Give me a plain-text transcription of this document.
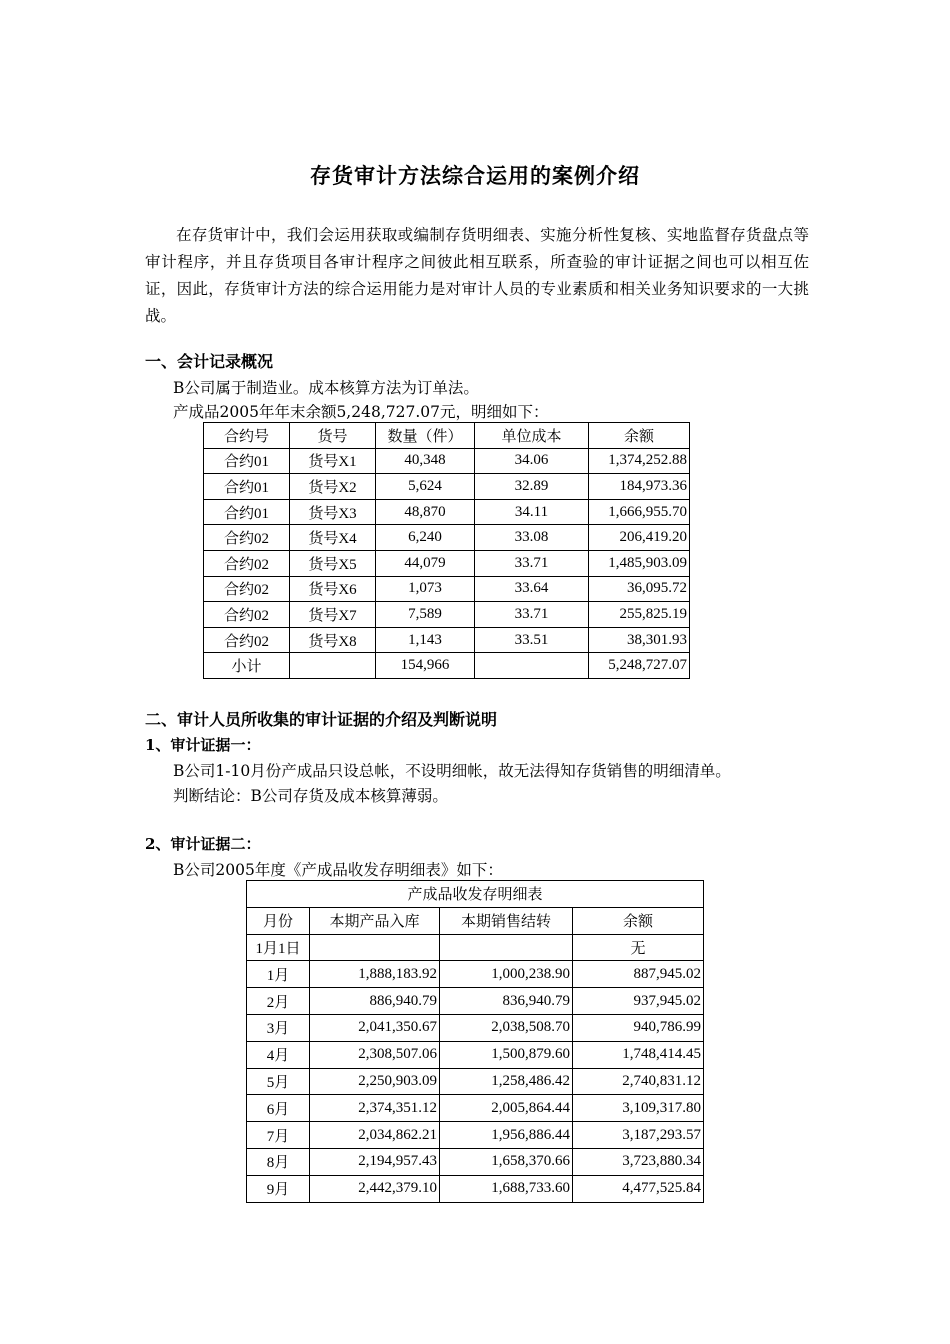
存货审计方法综合运用的案例介绍
在存货审计中，我们会运用获取或编制存货明细表、实施分析性复核、实地监督存货盘点等审计程序，并且存货项目各审计程序之间彼此相互联系，所查验的审计证据之间也可以相互佐证，因此，存货审计方法的综合运用能力是对审计人员的专业素质和相关业务知识要求的一大挑战。
一、会计记录概况
B公司属于制造业。成本核算方法为订单法。
产成品2005年年末余额5,248,727.07元，明细如下：
合约号	货号	数量（件）	单位成本	余额
合约01	货号X1	40,348	34.06	1,374,252.88
合约01	货号X2	5,624	32.89	184,973.36
合约01	货号X3	48,870	34.11	1,666,955.70
合约02	货号X4	6,240	33.08	206,419.20
合约02	货号X5	44,079	33.71	1,485,903.09
合约02	货号X6	1,073	33.64	36,095.72
合约02	货号X7	7,589	33.71	255,825.19
合约02	货号X8	1,143	33.51	38,301.93
小计		154,966		5,248,727.07
二、审计人员所收集的审计证据的介绍及判断说明
1、审计证据一：
B公司1-10月份产成品只设总帐，不设明细帐，故无法得知存货销售的明细清单。
判断结论：B公司存货及成本核算薄弱。
2、审计证据二：
B公司2005年度《产成品收发存明细表》如下：
产成品收发存明细表			
月份	本期产品入库	本期销售结转	余额
1月1日			无
1月	1,888,183.92	1,000,238.90	887,945.02
2月	886,940.79	836,940.79	937,945.02
3月	2,041,350.67	2,038,508.70	940,786.99
4月	2,308,507.06	1,500,879.60	1,748,414.45
5月	2,250,903.09	1,258,486.42	2,740,831.12
6月	2,374,351.12	2,005,864.44	3,109,317.80
7月	2,034,862.21	1,956,886.44	3,187,293.57
8月	2,194,957.43	1,658,370.66	3,723,880.34
9月	2,442,379.10	1,688,733.60	4,477,525.84
